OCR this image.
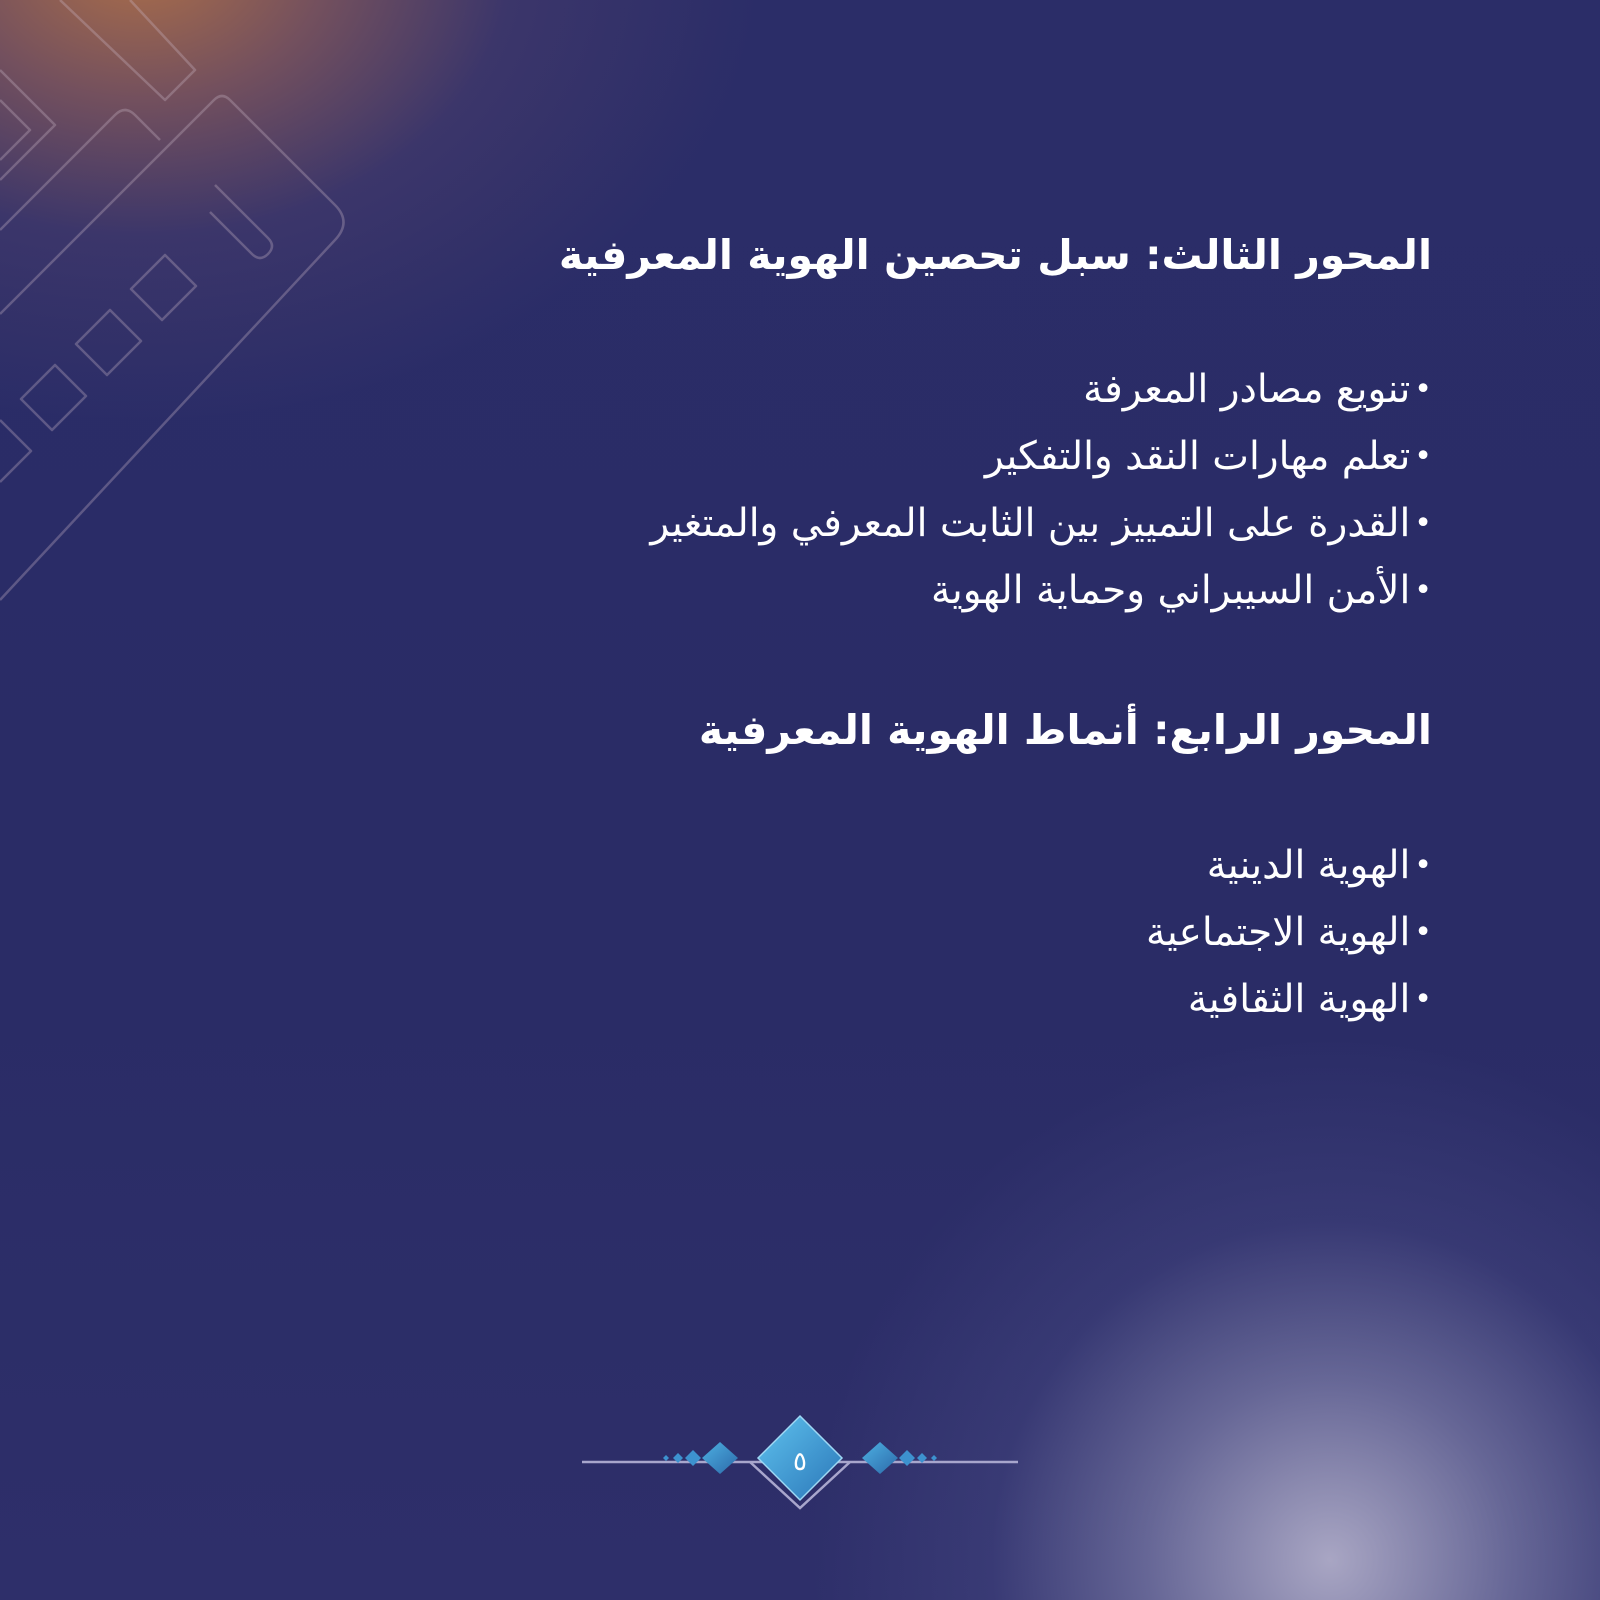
المحور الثالث: سبل تحصين الهوية المعرفية
•تنويع مصادر المعرفة
•تعلم مهارات النقد والتفكير
•القدرة على التمييز بين الثابت المعرفي والمتغير
•الأمن السيبراني وحماية الهوية
المحور الرابع: أنماط الهوية المعرفية
•الهوية الدينية
•الهوية الاجتماعية
•الهوية الثقافية
٥
